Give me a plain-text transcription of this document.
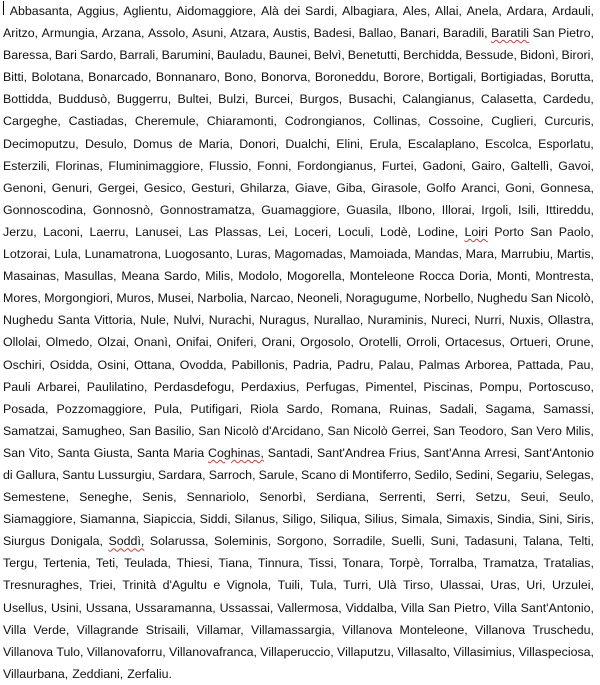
Abbasanta, Aggius, Aglientu, Aidomaggiore, Alà dei Sardi, Albagiara, Ales, Allai, Anela, Ardara, Ardauli,
Aritzo, Armungia, Arzana, Assolo, Asuni, Atzara, Austis, Badesi, Ballao, Banari, Baradili, Baratili San Pietro,
Baressa, Bari Sardo, Barrali, Barumini, Bauladu, Baunei, Belvì, Benetutti, Berchidda, Bessude, Bidonì, Birori,
Bitti, Bolotana, Bonarcado, Bonnanaro, Bono, Bonorva, Boroneddu, Borore, Bortigali, Bortigiadas, Borutta,
Bottidda, Buddusò, Buggerru, Bultei, Bulzi, Burcei, Burgos, Busachi, Calangianus, Calasetta, Cardedu,
Cargeghe, Castiadas, Cheremule, Chiaramonti, Codrongianos, Collinas, Cossoine, Cuglieri, Curcuris,
Decimoputzu, Desulo, Domus de Maria, Donori, Dualchi, Elini, Erula, Escalaplano, Escolca, Esporlatu,
Esterzili, Florinas, Fluminimaggiore, Flussio, Fonni, Fordongianus, Furtei, Gadoni, Gairo, Galtellì, Gavoi,
Genoni, Genuri, Gergei, Gesico, Gesturi, Ghilarza, Giave, Giba, Girasole, Golfo Aranci, Goni, Gonnesa,
Gonnoscodina, Gonnosnò, Gonnostramatza, Guamaggiore, Guasila, Ilbono, Illorai, Irgoli, Isili, Ittireddu,
Jerzu, Laconi, Laerru, Lanusei, Las Plassas, Lei, Loceri, Loculi, Lodè, Lodine, Loiri Porto San Paolo,
Lotzorai, Lula, Lunamatrona, Luogosanto, Luras, Magomadas, Mamoiada, Mandas, Mara, Marrubiu, Martis,
Masainas, Masullas, Meana Sardo, Milis, Modolo, Mogorella, Monteleone Rocca Doria, Monti, Montresta,
Mores, Morgongiori, Muros, Musei, Narbolia, Narcao, Neoneli, Noragugume, Norbello, Nughedu San Nicolò,
Nughedu Santa Vittoria, Nule, Nulvi, Nurachi, Nuragus, Nurallao, Nuraminis, Nureci, Nurri, Nuxis, Ollastra,
Ollolai, Olmedo, Olzai, Onanì, Onifai, Oniferi, Orani, Orgosolo, Orotelli, Orroli, Ortacesus, Ortueri, Orune,
Oschiri, Osidda, Osini, Ottana, Ovodda, Pabillonis, Padria, Padru, Palau, Palmas Arborea, Pattada, Pau,
Pauli Arbarei, Paulilatino, Perdasdefogu, Perdaxius, Perfugas, Pimentel, Piscinas, Pompu, Portoscuso,
Posada, Pozzomaggiore, Pula, Putifigari, Riola Sardo, Romana, Ruinas, Sadali, Sagama, Samassi,
Samatzai, Samugheo, San Basilio, San Nicolò d'Arcidano, San Nicolò Gerrei, San Teodoro, San Vero Milis,
San Vito, Santa Giusta, Santa Maria Coghinas, Santadi, Sant'Andrea Frius, Sant'Anna Arresi, Sant'Antonio
di Gallura, Santu Lussurgiu, Sardara, Sarroch, Sarule, Scano di Montiferro, Sedilo, Sedini, Segariu, Selegas,
Semestene, Seneghe, Senis, Sennariolo, Senorbì, Serdiana, Serrenti, Serri, Setzu, Seui, Seulo,
Siamaggiore, Siamanna, Siapiccia, Siddi, Silanus, Siligo, Siliqua, Silius, Simala, Simaxis, Sindia, Sini, Siris,
Siurgus Donigala, Soddì, Solarussa, Soleminis, Sorgono, Sorradile, Suelli, Suni, Tadasuni, Talana, Telti,
Tergu, Tertenia, Teti, Teulada, Thiesi, Tiana, Tinnura, Tissi, Tonara, Torpè, Torralba, Tramatza, Tratalias,
Tresnuraghes, Triei, Trinità d'Agultu e Vignola, Tuili, Tula, Turri, Ulà Tirso, Ulassai, Uras, Uri, Urzulei,
Usellus, Usini, Ussana, Ussaramanna, Ussassai, Vallermosa, Viddalba, Villa San Pietro, Villa Sant'Antonio,
Villa Verde, Villagrande Strisaili, Villamar, Villamassargia, Villanova Monteleone, Villanova Truschedu,
Villanova Tulo, Villanovaforru, Villanovafranca, Villaperuccio, Villaputzu, Villasalto, Villasimius, Villaspeciosa,
Villaurbana, Zeddiani, Zerfaliu.
